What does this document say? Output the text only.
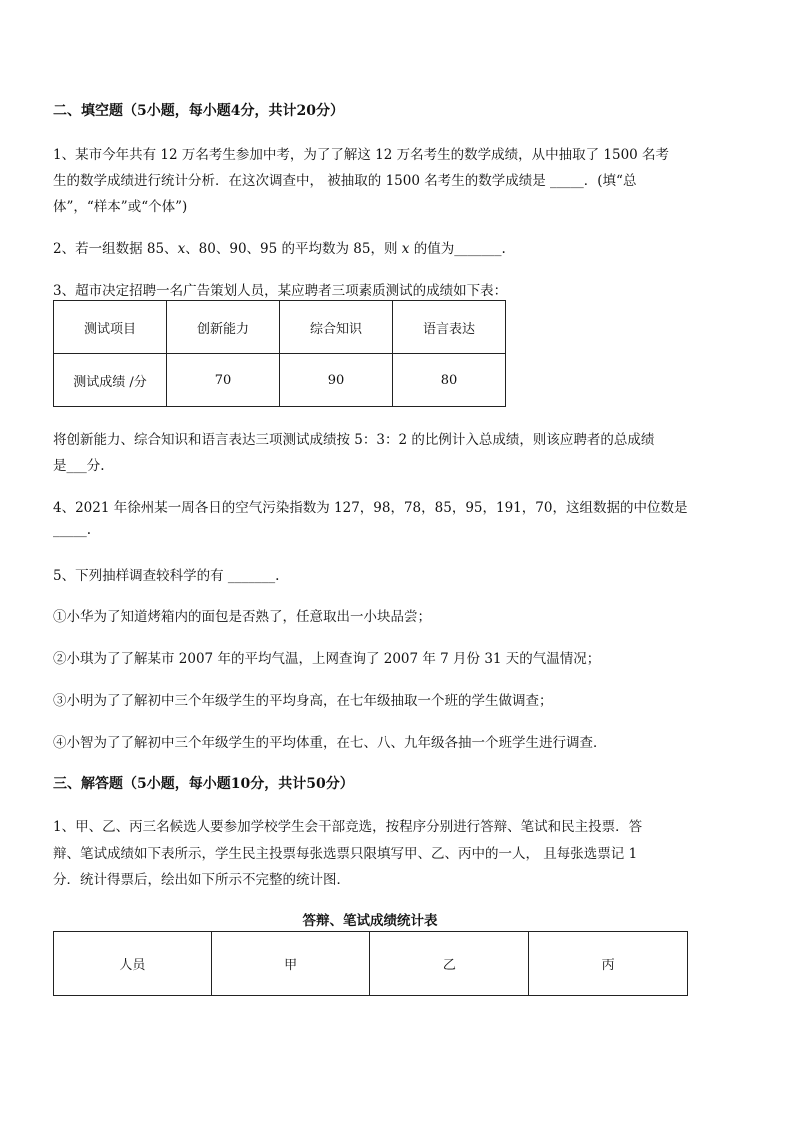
二、填空题（5小题，每小题4分，共计20分）
1、某市今年共有 12 万名考生参加中考，为了了解这 12 万名考生的数学成绩，从中抽取了 1500 名考
生的数学成绩进行统计分析．在这次调查中， 被抽取的 1500 名考生的数学成绩是 _____．(填“总
体”，“样本”或“个体”)
2、若一组数据 85、x、80、90、95 的平均数为 85，则 x 的值为_______.
3、超市决定招聘一名广告策划人员，某应聘者三项素质测试的成绩如下表：
测试项目	创新能力	综合知识	语言表达
测试成绩 /分	70	90	80
将创新能力、综合知识和语言表达三项测试成绩按 5：3：2 的比例计入总成绩，则该应聘者的总成绩
是___分.
4、2021 年徐州某一周各日的空气污染指数为 127，98，78，85，95，191，70，这组数据的中位数是
_____.
5、下列抽样调查较科学的有 _______.
①小华为了知道烤箱内的面包是否熟了，任意取出一小块品尝；
②小琪为了了解某市 2007 年的平均气温，上网查询了 2007 年 7 月份 31 天的气温情况；
③小明为了了解初中三个年级学生的平均身高，在七年级抽取一个班的学生做调查；
④小智为了了解初中三个年级学生的平均体重，在七、八、九年级各抽一个班学生进行调查．
三、解答题（5小题，每小题10分，共计50分）
1、甲、乙、丙三名候选人要参加学校学生会干部竞选，按程序分别进行答辩、笔试和民主投票．答
辩、笔试成绩如下表所示，学生民主投票每张选票只限填写甲、乙、丙中的一人， 且每张选票记 1
分．统计得票后，绘出如下所示不完整的统计图．
答辩、笔试成绩统计表
人员	甲	乙	丙
